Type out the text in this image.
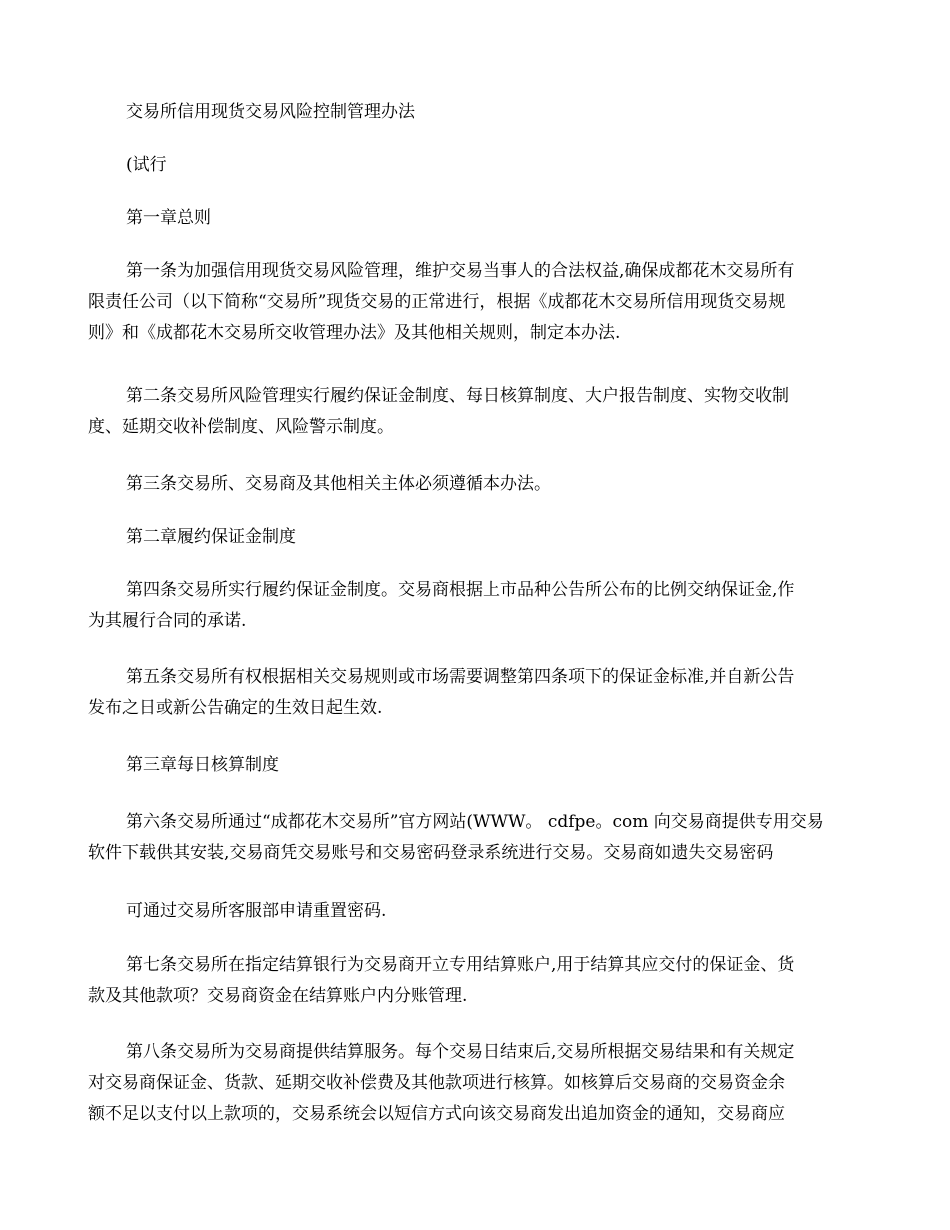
交易所信用现货交易风险控制管理办法
(试行
第一章总则
第一条为加强信用现货交易风险管理，维护交易当事人的合法权益,确保成都花木交易所有
限责任公司（以下简称“交易所”现货交易的正常进行，根据《成都花木交易所信用现货交易规
则》和《成都花木交易所交收管理办法》及其他相关规则，制定本办法.
第二条交易所风险管理实行履约保证金制度、每日核算制度、大户报告制度、实物交收制
度、延期交收补偿制度、风险警示制度。
第三条交易所、交易商及其他相关主体必须遵循本办法。
第二章履约保证金制度
第四条交易所实行履约保证金制度。交易商根据上市品种公告所公布的比例交纳保证金,作
为其履行合同的承诺.
第五条交易所有权根据相关交易规则或市场需要调整第四条项下的保证金标准,并自新公告
发布之日或新公告确定的生效日起生效.
第三章每日核算制度
第六条交易所通过“成都花木交易所”官方网站(WWW。 cdfpe。com 向交易商提供专用交易
软件下载供其安装,交易商凭交易账号和交易密码登录系统进行交易。交易商如遗失交易密码
可通过交易所客服部申请重置密码.
第七条交易所在指定结算银行为交易商开立专用结算账户,用于结算其应交付的保证金、货
款及其他款项？交易商资金在结算账户内分账管理.
第八条交易所为交易商提供结算服务。每个交易日结束后,交易所根据交易结果和有关规定
对交易商保证金、货款、延期交收补偿费及其他款项进行核算。如核算后交易商的交易资金余
额不足以支付以上款项的，交易系统会以短信方式向该交易商发出追加资金的通知，交易商应
